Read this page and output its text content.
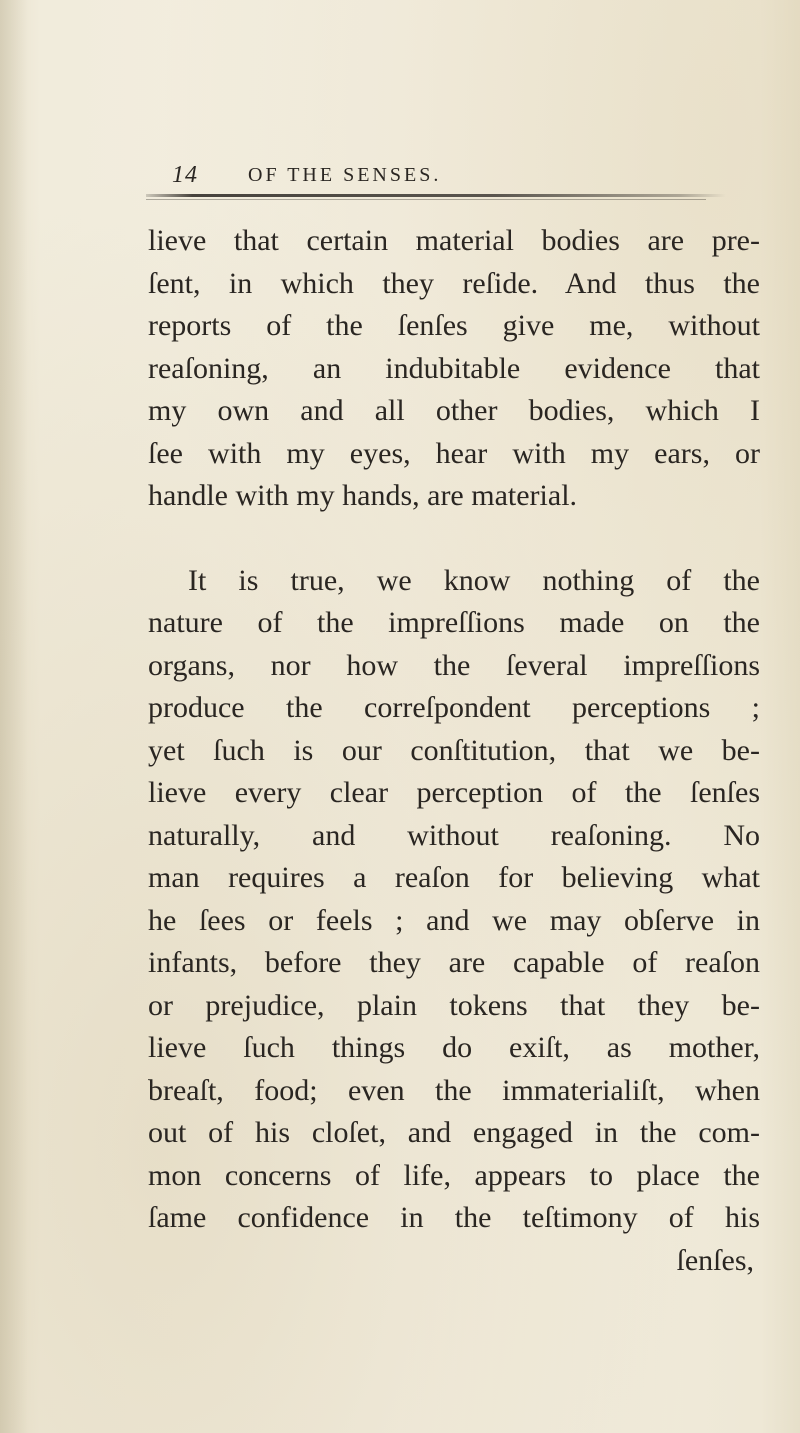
14	OF THE SENSES.
lieve that certain material bodies are pre-
ſent, in which they reſide. And thus the
reports of the ſenſes give me, without
reaſoning, an indubitable evidence that
my own and all other bodies, which I
ſee with my eyes, hear with my ears, or
handle with my hands, are material.
It is true, we know nothing of the
nature of the impreſſions made on the
organs, nor how the ſeveral impreſſions
produce the correſpondent perceptions ;
yet ſuch is our conſtitution, that we be-
lieve every clear perception of the ſenſes
naturally, and without reaſoning. No
man requires a reaſon for believing what
he ſees or feels ; and we may obſerve in
infants, before they are capable of reaſon
or prejudice, plain tokens that they be-
lieve ſuch things do exiſt, as mother,
breaſt, food; even the immaterialiſt, when
out of his cloſet, and engaged in the com-
mon concerns of life, appears to place the
ſame confidence in the teſtimony of his
ſenſes,
